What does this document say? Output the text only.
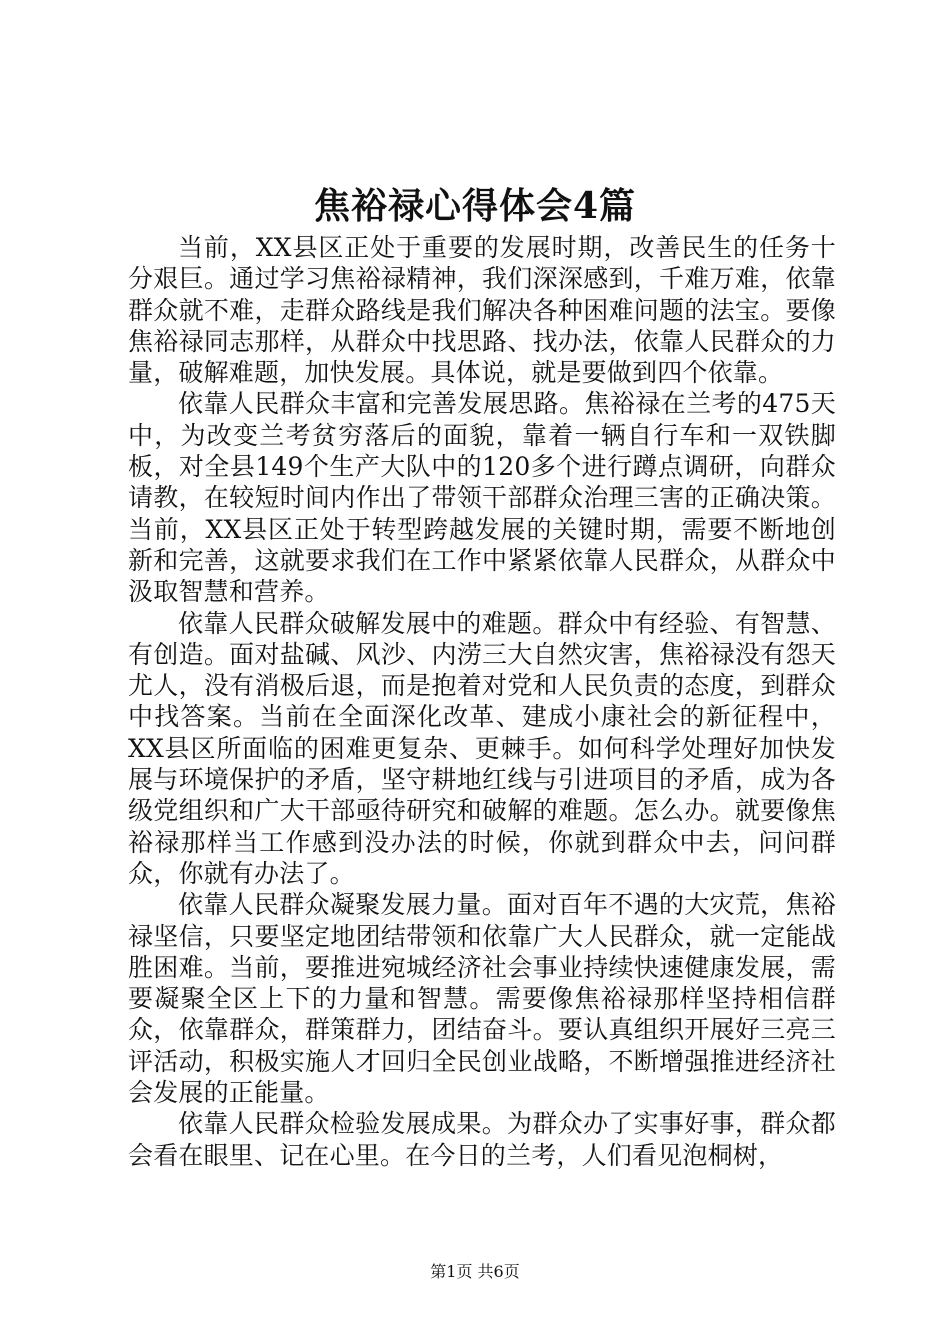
焦裕禄心得体会4篇

当前，XX县区正处于重要的发展时期，改善民生的任务十分艰巨。通过学习焦裕禄精神，我们深深感到，千难万难，依靠群众就不难，走群众路线是我们解决各种困难问题的法宝。要像焦裕禄同志那样，从群众中找思路、找办法，依靠人民群众的力量，破解难题，加快发展。具体说，就是要做到四个依靠。

依靠人民群众丰富和完善发展思路。焦裕禄在兰考的475天中，为改变兰考贫穷落后的面貌，靠着一辆自行车和一双铁脚板，对全县149个生产大队中的120多个进行蹲点调研，向群众请教，在较短时间内作出了带领干部群众治理三害的正确决策。当前，XX县区正处于转型跨越发展的关键时期，需要不断地创新和完善，这就要求我们在工作中紧紧依靠人民群众，从群众中汲取智慧和营养。

依靠人民群众破解发展中的难题。群众中有经验、有智慧、有创造。面对盐碱、风沙、内涝三大自然灾害，焦裕禄没有怨天尤人，没有消极后退，而是抱着对党和人民负责的态度，到群众中找答案。当前在全面深化改革、建成小康社会的新征程中，XX县区所面临的困难更复杂、更棘手。如何科学处理好加快发展与环境保护的矛盾，坚守耕地红线与引进项目的矛盾，成为各级党组织和广大干部亟待研究和破解的难题。怎么办。就要像焦裕禄那样当工作感到没办法的时候，你就到群众中去，问问群众，你就有办法了。

依靠人民群众凝聚发展力量。面对百年不遇的大灾荒，焦裕禄坚信，只要坚定地团结带领和依靠广大人民群众，就一定能战胜困难。当前，要推进宛城经济社会事业持续快速健康发展，需要凝聚全区上下的力量和智慧。需要像焦裕禄那样坚持相信群众，依靠群众，群策群力，团结奋斗。要认真组织开展好三亮三评活动，积极实施人才回归全民创业战略，不断增强推进经济社会发展的正能量。

依靠人民群众检验发展成果。为群众办了实事好事，群众都会看在眼里、记在心里。在今日的兰考，人们看见泡桐树，

第1页 共6页
